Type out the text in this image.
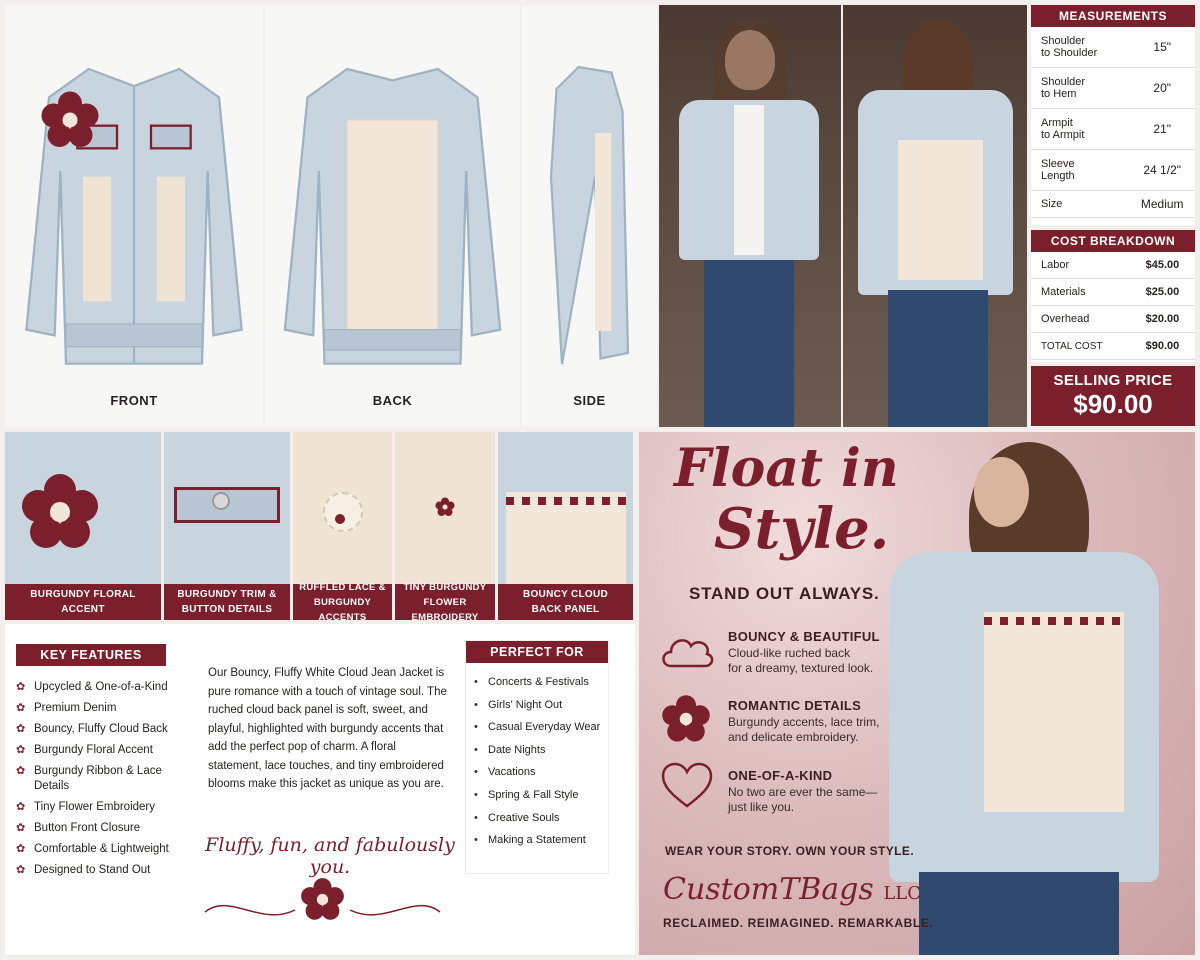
FRONT	BACK	SIDE
MEASUREMENTS
Shoulder
to Shoulder	15"
Shoulder
to Hem	20"
Armpit
to Armpit	21"
Sleeve
Length	24 1/2"
Size	Medium
COST BREAKDOWN
Labor	$45.00
Materials	$25.00
Overhead	$20.00
TOTAL COST	$90.00
SELLING PRICE
$90.00
BURGUNDY FLORAL
ACCENT
BURGUNDY TRIM &
BUTTON DETAILS
RUFFLED LACE &
BURGUNDY ACCENTS
TINY BURGUNDY
FLOWER EMBROIDERY
BOUNCY CLOUD
BACK PANEL
KEY FEATURES
✿ Upcycled & One-of-a-Kind
✿ Premium Denim
✿ Bouncy, Fluffy Cloud Back
✿ Burgundy Floral Accent
✿ Burgundy Ribbon & Lace Details
✿ Tiny Flower Embroidery
✿ Button Front Closure
✿ Comfortable & Lightweight
✿ Designed to Stand Out
Our Bouncy, Fluffy White Cloud Jean Jacket is pure romance with a touch of vintage soul. The ruched cloud back panel is soft, sweet, and playful, highlighted with burgundy accents that add the perfect pop of charm. A floral statement, lace touches, and tiny embroidered blooms make this jacket as unique as you are.
Fluffy, fun, and fabulously you.
PERFECT FOR
• Concerts & Festivals
• Girls' Night Out
• Casual Everyday Wear
• Date Nights
• Vacations
• Spring & Fall Style
• Creative Souls
• Making a Statement
Float in
Style.
STAND OUT ALWAYS.
BOUNCY & BEAUTIFUL
Cloud-like ruched back
for a dreamy, textured look.
ROMANTIC DETAILS
Burgundy accents, lace trim,
and delicate embroidery.
ONE-OF-A-KIND
No two are ever the same—
just like you.
WEAR YOUR STORY. OWN YOUR STYLE.
CustomTBags LLC
RECLAIMED. REIMAGINED. REMARKABLE.
